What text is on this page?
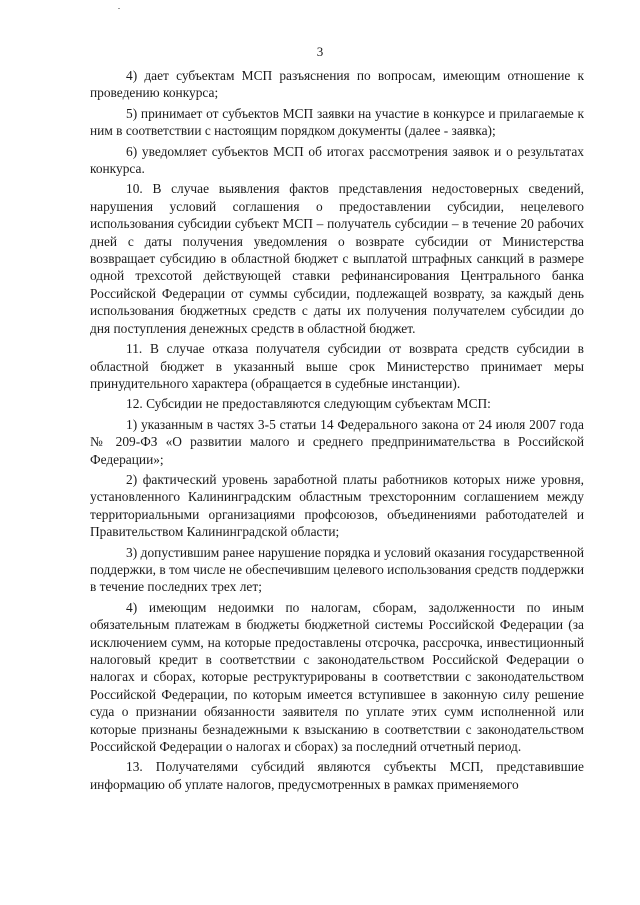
3

4) дает субъектам МСП разъяснения по вопросам, имеющим отношение к проведению конкурса;

5) принимает от субъектов МСП заявки на участие в конкурсе и прилагаемые к ним в соответствии с настоящим порядком документы (далее - заявка);

6) уведомляет субъектов МСП об итогах рассмотрения заявок и о результатах конкурса.

10. В случае выявления фактов представления недостоверных сведений, нарушения условий соглашения о предоставлении субсидии, нецелевого использования субсидии субъект МСП – получатель субсидии – в течение 20 рабочих дней с даты получения уведомления о возврате субсидии от Министерства возвращает субсидию в областной бюджет с выплатой штрафных санкций в размере одной трехсотой действующей ставки рефинансирования Центрального банка Российской Федерации от суммы субсидии, подлежащей возврату, за каждый день использования бюджетных средств с даты их получения получателем субсидии до дня поступления денежных средств в областной бюджет.

11. В случае отказа получателя субсидии от возврата средств субсидии в областной бюджет в указанный выше срок Министерство принимает меры принудительного характера (обращается в судебные инстанции).

12. Субсидии не предоставляются следующим субъектам МСП:

1) указанным в частях 3-5 статьи 14 Федерального закона от 24 июля 2007 года № 209-ФЗ «О развитии малого и среднего предпринимательства в Российской Федерации»;

2) фактический уровень заработной платы работников которых ниже уровня, установленного Калининградским областным трехсторонним соглашением между территориальными организациями профсоюзов, объединениями работодателей и Правительством Калининградской области;

3) допустившим ранее нарушение порядка и условий оказания государственной поддержки, в том числе не обеспечившим целевого использования средств поддержки в течение последних трех лет;

4) имеющим недоимки по налогам, сборам, задолженности по иным обязательным платежам в бюджеты бюджетной системы Российской Федерации (за исключением сумм, на которые предоставлены отсрочка, рассрочка, инвестиционный налоговый кредит в соответствии с законодательством Российской Федерации о налогах и сборах, которые реструктурированы в соответствии с законодательством Российской Федерации, по которым имеется вступившее в законную силу решение суда о признании обязанности заявителя по уплате этих сумм исполненной или которые признаны безнадежными к взысканию в соответствии с законодательством Российской Федерации о налогах и сборах) за последний отчетный период.

13. Получателями субсидий являются субъекты МСП, представившие информацию об уплате налогов, предусмотренных в рамках применяемого
